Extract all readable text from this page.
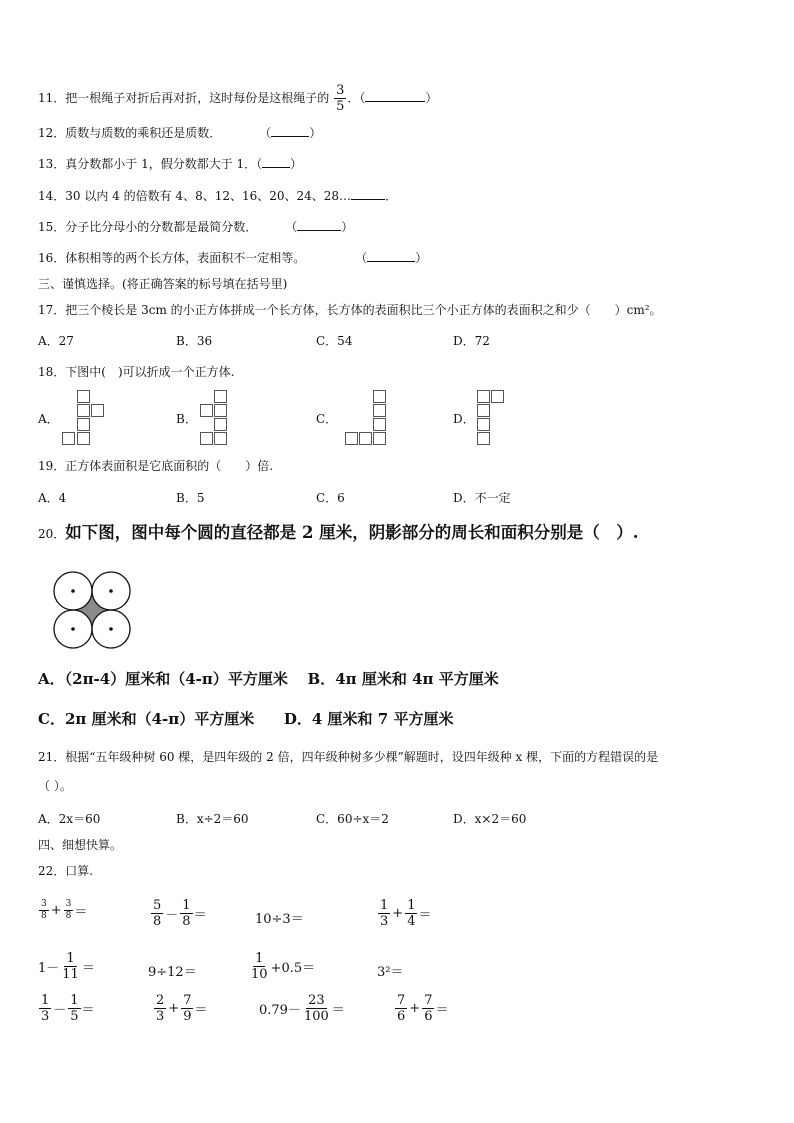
11．把一根绳子对折后再对折，这时每份是这根绳子的 $\frac{3}{5}$ ．（	）
12．质数与质数的乘积还是质数．	（	）
13．真分数都小于 1，假分数都大于 1．（ ）
14．30 以内 4 的倍数有 4、8、12、16、20、24、28…	．
15．分子比分母小的分数都是最简分数． （	）
16．体积相等的两个长方体，表面积不一定相等。	（	）
三、谨慎选择。(将正确答案的标号填在括号里)
17．把三个棱长是 3cm 的小正方体拼成一个长方体，长方体的表面积比三个小正方体的表面积之和少（　　）cm²。
A．27	B．36	C．54	D．72
18．下图中(　)可以折成一个正方体.
A．	B．	C．	D．
19．正方体表面积是它底面积的（　　）倍.
A．4	B．5	C．6	D．不一定
20．如下图，图中每个圆的直径都是 2 厘米，阴影部分的周长和面积分别是（　）.
A．（2π-4）厘米和（4-π）平方厘米 B．4π 厘米和 4π 平方厘米
C．2π 厘米和（4-π）平方厘米 D．4 厘米和 7 平方厘米
21．根据“五年级种树 60 棵，是四年级的 2 倍，四年级种树多少棵”解题时，设四年级种 x 棵，下面的方程错误的是
（ ）。
A．2x＝60	B．x÷2＝60	C．60÷x＝2	D．x×2＝60
四、细想快算。
22．口算.
$\frac{3}{8} + \frac{3}{8}$ ＝	$\frac{5}{8} - \frac{1}{8}$ ＝	10÷3＝	$\frac{1}{3} + \frac{1}{4}$ ＝
$1- \frac{1}{11}$ ＝	9÷12＝	$\frac{1}{10} +0.5=$	3²＝
$\frac{1}{3} - \frac{1}{5}$ ＝	$\frac{2}{3} + \frac{7}{9}$ ＝	$0.79- \frac{23}{100}$ ＝	$\frac{7}{6} + \frac{7}{6}$ ＝
